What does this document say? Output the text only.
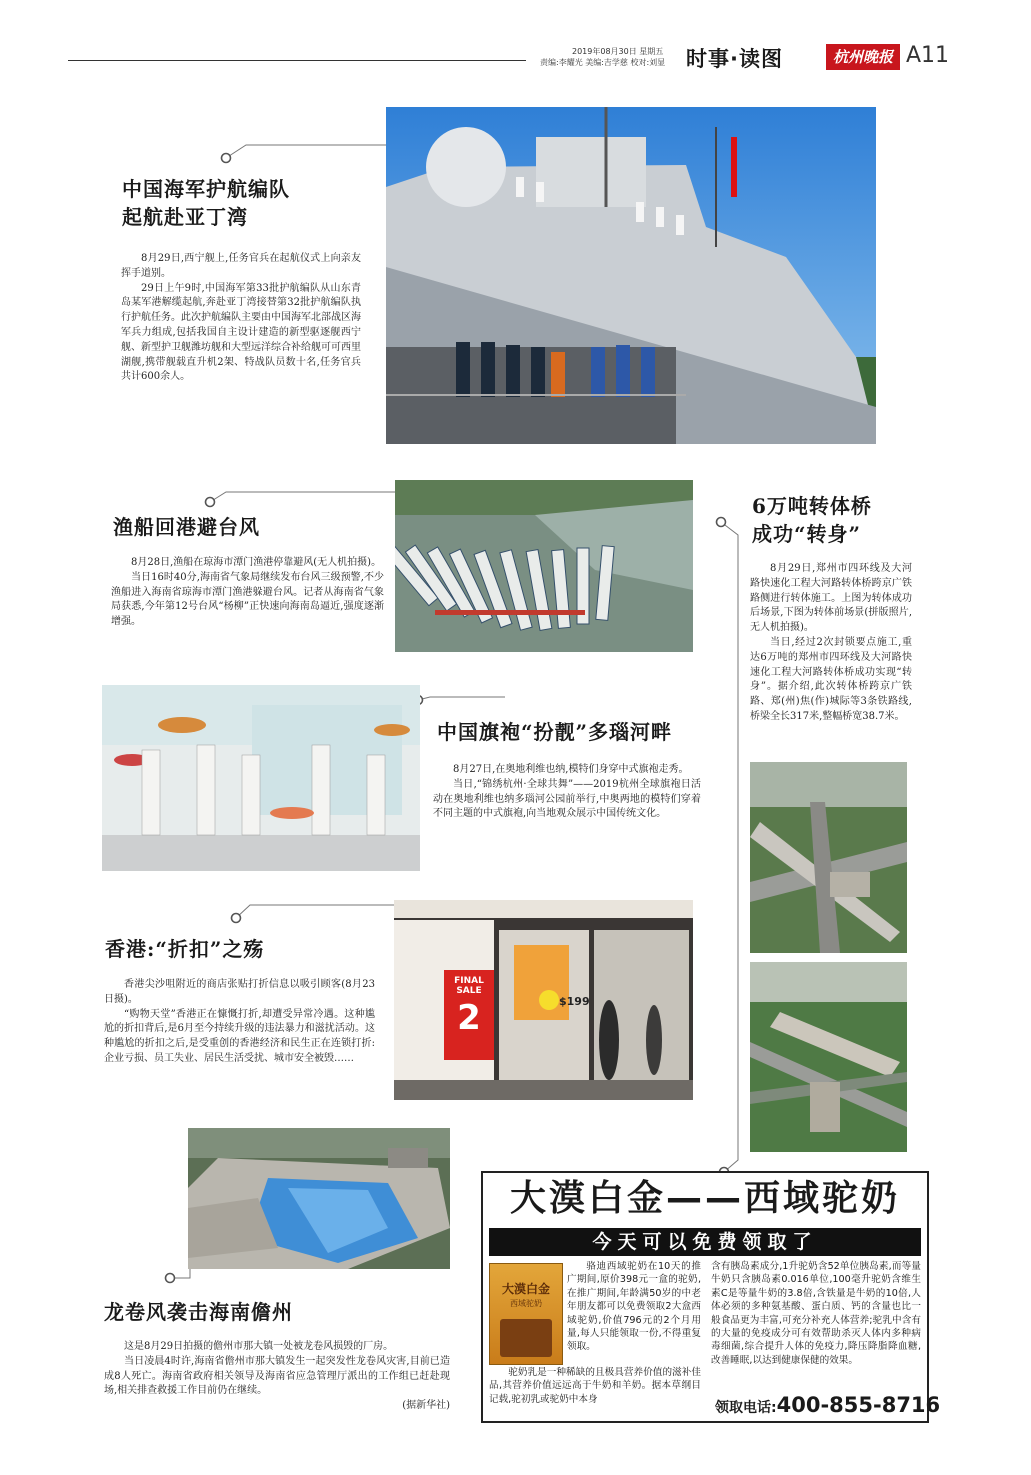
2019年08月30日 星期五
责编:李耀光 美编:吉学慈 校对:刘显 时事·读图	杭州晚报 A11
中国海军护航编队
起航赴亚丁湾

8月29日,西宁舰上,任务官兵在起航仪式上向亲友挥手道别。

29日上午9时,中国海军第33批护航编队从山东青岛某军港解缆起航,奔赴亚丁湾接替第32批护航编队执行护航任务。此次护航编队主要由中国海军北部战区海军兵力组成,包括我国自主设计建造的新型驱逐舰西宁舰、新型护卫舰潍坊舰和大型远洋综合补给舰可可西里湖舰,携带舰载直升机2架、特战队员数十名,任务官兵共计600余人。

渔船回港避台风

8月28日,渔船在琼海市潭门渔港停靠避风(无人机拍摄)。

当日16时40分,海南省气象局继续发布台风三级预警,不少渔船进入海南省琼海市潭门渔港躲避台风。记者从海南省气象局获悉,今年第12号台风“杨柳”正快速向海南岛逼近,强度逐渐增强。

6万吨转体桥
成功“转身”

8月29日,郑州市四环线及大河路快速化工程大河路转体桥跨京广铁路侧进行转体施工。上图为转体成功后场景,下图为转体前场景(拼版照片,无人机拍摄)。

当日,经过2次封锁要点施工,重达6万吨的郑州市四环线及大河路快速化工程大河路转体桥成功实现“转身”。据介绍,此次转体桥跨京广铁路、郑(州)焦(作)城际等3条铁路线,桥梁全长317米,整幅桥宽38.7米。

中国旗袍“扮靓”多瑙河畔

8月27日,在奥地利维也纳,模特们身穿中式旗袍走秀。

当日,“锦绣杭州·全球共舞”——2019杭州全球旗袍日活动在奥地利维也纳多瑙河公园前举行,中奥两地的模特们穿着不同主题的中式旗袍,向当地观众展示中国传统文化。

FINAL
SALE
2	$199
香港:“折扣”之殇

香港尖沙咀附近的商店张贴打折信息以吸引顾客(8月23日摄)。

“购物天堂”香港正在慷慨打折,却遭受异常冷遇。这种尴尬的折扣背后,是6月至今持续升级的违法暴力和滋扰活动。这种尴尬的折扣之后,是受重创的香港经济和民生正在连锁打折:企业亏损、员工失业、居民生活受扰、城市安全被毁……

龙卷风袭击海南儋州

这是8月29日拍摄的儋州市那大镇一处被龙卷风损毁的厂房。

当日凌晨4时许,海南省儋州市那大镇发生一起突发性龙卷风灾害,目前已造成8人死亡。海南省政府相关领导及海南省应急管理厅派出的工作组已赶赴现场,相关排查救援工作目前仍在继续。

(据新华社)
大漠白金——西域驼奶
今天可以免费领取了
大漠白金
西域驼奶

骆迪西域驼奶在10天的推广期间,原价398元一盒的驼奶,在推广期间,年龄满50岁的中老年朋友都可以免费领取2大盒西域驼奶,价值796元的2个月用量,每人只能领取一份,不得重复领取。

驼奶乳是一种稀缺的且极具营养价值的滋补佳品,其营养价值远远高于牛奶和羊奶。据本草纲目记载,驼初乳或驼奶中本身

含有胰岛素成分,1升驼奶含52单位胰岛素,而等量牛奶只含胰岛素0.016单位,100毫升驼奶含维生素C是等量牛奶的3.8倍,含铁量是牛奶的10倍,人体必须的多种氨基酸、蛋白质、钙的含量也比一般食品更为丰富,可充分补充人体营养;驼乳中含有的大量的免疫成分可有效帮助杀灭人体内多种病毒细菌,综合提升人体的免疫力,降压降脂降血糖,改善睡眠,以达到健康保健的效果。
领取电话:400-855-8716
